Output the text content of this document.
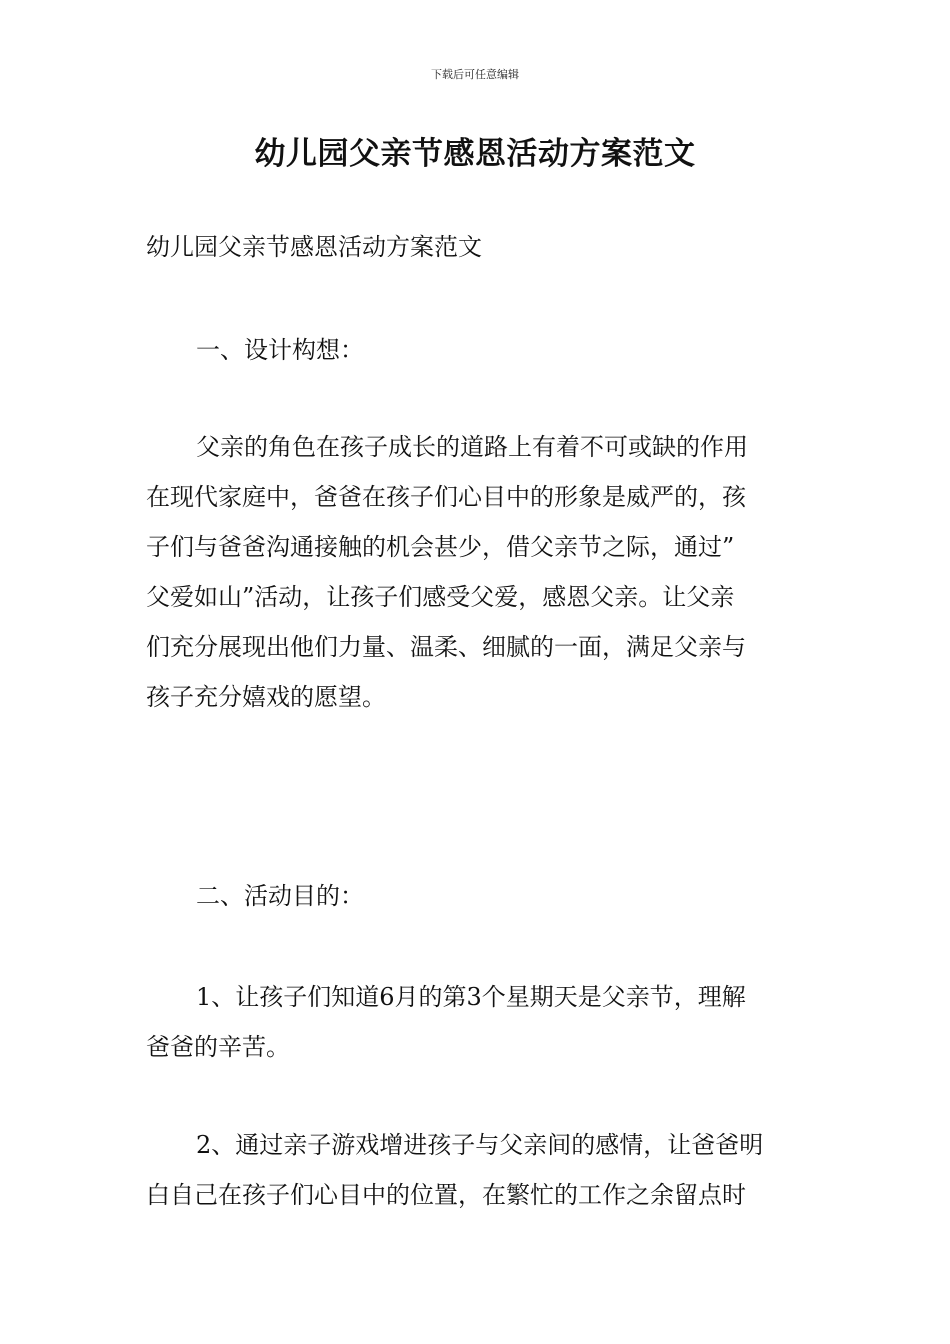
下载后可任意编辑
幼儿园父亲节感恩活动方案范文
幼儿园父亲节感恩活动方案范文
一、设计构想：
父亲的角色在孩子成长的道路上有着不可或缺的作用
在现代家庭中，爸爸在孩子们心目中的形象是威严的，孩
子们与爸爸沟通接触的机会甚少，借父亲节之际，通过”
父爱如山”活动，让孩子们感受父爱，感恩父亲。让父亲
们充分展现出他们力量、温柔、细腻的一面，满足父亲与
孩子充分嬉戏的愿望。
二、活动目的：
1、让孩子们知道6月的第3个星期天是父亲节，理解
爸爸的辛苦。
2、通过亲子游戏增进孩子与父亲间的感情，让爸爸明
白自己在孩子们心目中的位置，在繁忙的工作之余留点时
